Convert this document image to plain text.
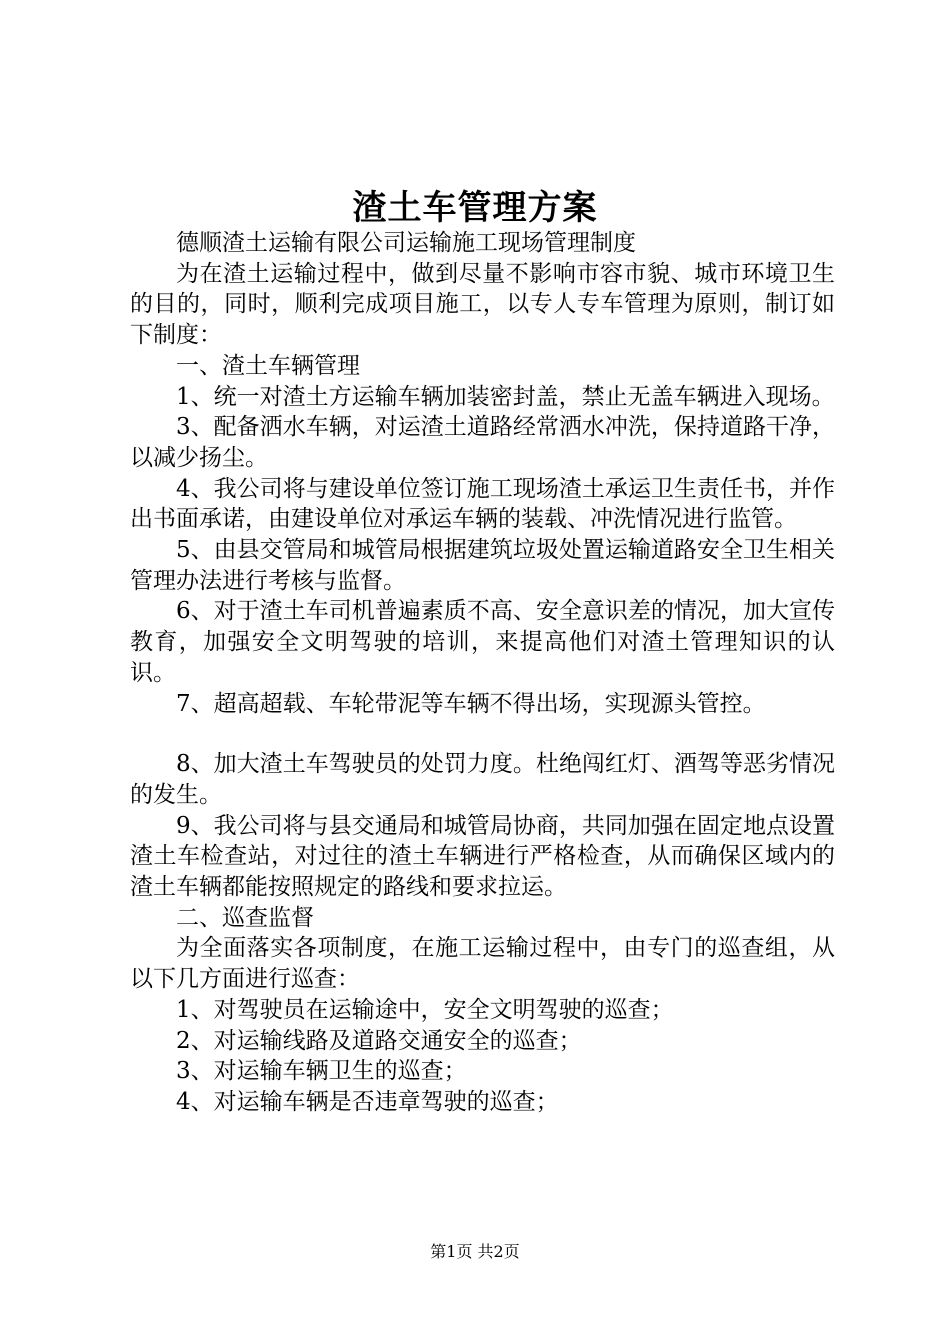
渣土车管理方案

德顺渣土运输有限公司运输施工现场管理制度

为在渣土运输过程中，做到尽量不影响市容市貌、城市环境卫生的目的，同时，顺利完成项目施工，以专人专车管理为原则，制订如下制度：

一、渣土车辆管理

1、统一对渣土方运输车辆加装密封盖，禁止无盖车辆进入现场。

3、配备洒水车辆，对运渣土道路经常洒水冲洗，保持道路干净，以减少扬尘。

4、我公司将与建设单位签订施工现场渣土承运卫生责任书，并作出书面承诺，由建设单位对承运车辆的装载、冲洗情况进行监管。

5、由县交管局和城管局根据建筑垃圾处置运输道路安全卫生相关管理办法进行考核与监督。

6、对于渣土车司机普遍素质不高、安全意识差的情况，加大宣传教育，加强安全文明驾驶的培训，来提高他们对渣土管理知识的认识。

7、超高超载、车轮带泥等车辆不得出场，实现源头管控。

8、加大渣土车驾驶员的处罚力度。杜绝闯红灯、酒驾等恶劣情况的发生。

9、我公司将与县交通局和城管局协商，共同加强在固定地点设置渣土车检查站，对过往的渣土车辆进行严格检查，从而确保区域内的渣土车辆都能按照规定的路线和要求拉运。

二、巡查监督

为全面落实各项制度，在施工运输过程中，由专门的巡查组，从以下几方面进行巡查：

1、对驾驶员在运输途中，安全文明驾驶的巡查；

2、对运输线路及道路交通安全的巡查；

3、对运输车辆卫生的巡查；

4、对运输车辆是否违章驾驶的巡查；

第1页 共2页
